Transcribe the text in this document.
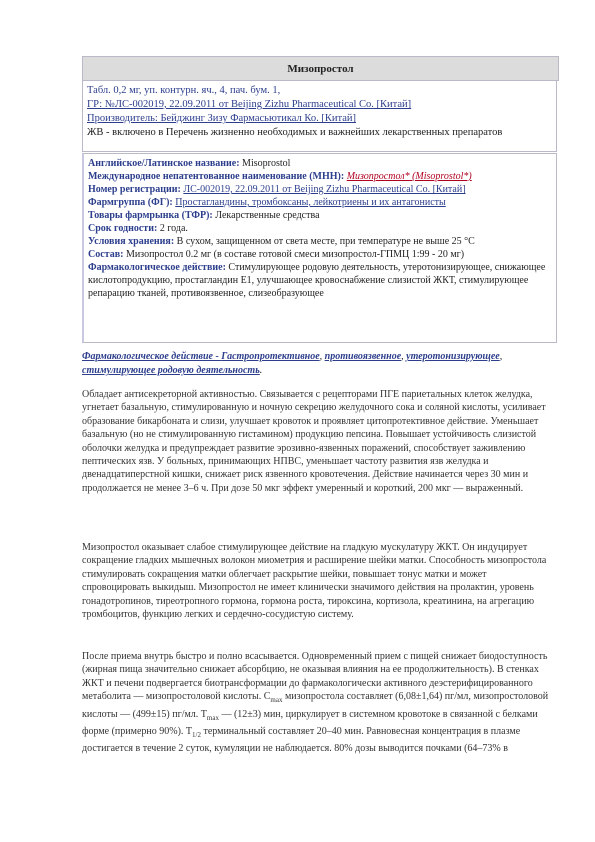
Мизопростол
Табл. 0,2 мг, уп. контурн. яч., 4, пач. бум. 1,
ГР: №ЛС-002019, 22.09.2011 от Beijing Zizhu Pharmaceutical Co. [Китай]
Производитель: Бейджинг Зизу Фармасьютикал Ко. [Китай]
ЖВ - включено в Перечень жизненно необходимых и важнейших лекарственных препаратов

Английское/Латинское название: Misoprostol

Международное непатентованное наименование (МНН): Мизопростол* (Misoprostol*)

Номер регистрации: ЛС-002019, 22.09.2011 от Beijing Zizhu Pharmaceutical Co. [Китай]

Фармгруппа (ФГ): Простагландины, тромбоксаны, лейкотриены и их антагонисты

Товары фармрынка (ТФР): Лекарственные средства

Срок годности: 2 года.

Условия хранения: В сухом, защищенном от света месте, при температуре не выше 25 °С

Состав: Мизопростол 0.2 мг (в составе готовой смеси мизопростол-ГПМЦ 1:99 - 20 мг)

Фармакологическое действие: Стимулирующее родовую деятельность, утеротонизирующее, снижающее кислотопродукцию, простагландин Е1, улучшающее кровоснабжение слизистой ЖКТ, стимулирующее репарацию тканей, противоязвенное, слизеобразующее

Фармакологическое действие - Гастропротективное, противоязвенное, утеротонизирующее, стимулирующее родовую деятельность.
Обладает антисекреторной активностью. Связывается с рецепторами ПГЕ париетальных клеток желудка, угнетает базальную, стимулированную и ночную секрецию желудочного сока и соляной кислоты, усиливает образование бикарбоната и слизи, улучшает кровоток и проявляет цитопротективное действие. Уменьшает базальную (но не стимулированную гистамином) продукцию пепсина. Повышает устойчивость слизистой оболочки желудка и предупреждает развитие эрозивно-язвенных поражений, способствует заживлению пептических язв. У больных, принимающих НПВС, уменьшает частоту развития язв желудка и двенадцатиперстной кишки, снижает риск язвенного кровотечения. Действие начинается через 30 мин и продолжается не менее 3–6 ч. При дозе 50 мкг эффект умеренный и короткий, 200 мкг — выраженный.
Мизопростол оказывает слабое стимулирующее действие на гладкую мускулатуру ЖКТ. Он индуцирует сокращение гладких мышечных волокон миометрия и расширение шейки матки. Способность мизопростола стимулировать сокращения матки облегчает раскрытие шейки, повышает тонус матки и может спровоцировать выкидыш. Мизопростол не имеет клинически значимого действия на пролактин, уровень гонадотропинов, тиреотропного гормона, гормона роста, тироксина, кортизола, креатинина, на агрегацию тромбоцитов, функцию легких и сердечно-сосудистую систему.
После приема внутрь быстро и полно всасывается. Одновременный прием с пищей снижает биодоступность (жирная пища значительно снижает абсорбцию, не оказывая влияния на ее продолжительность). В стенках ЖКТ и печени подвергается биотрансформации до фармакологически активного деэстерифицированного метаболита — мизопростоловой кислоты. $C_{max}$ мизопростола составляет (6,08±1,64) пг/мл, мизопростоловой кислоты — (499±15) пг/мл. $T_{max}$ — (12±3) мин, циркулирует в системном кровотоке в связанной с белками форме (примерно 90%). $T_{1/2}$ терминальный составляет 20–40 мин. Равновесная концентрация в плазме достигается в течение 2 суток, кумуляции не наблюдается. 80% дозы выводится почками (64–73% в
